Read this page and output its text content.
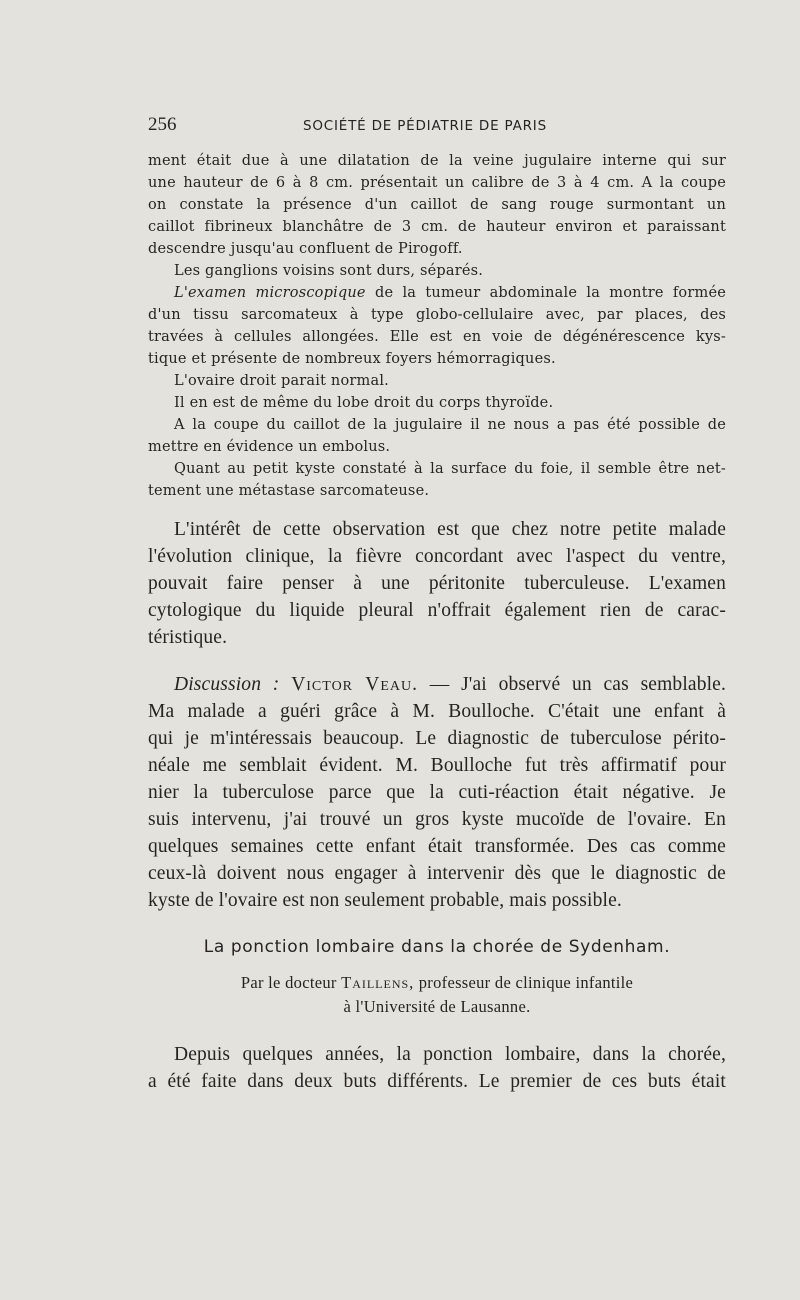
256	SOCIÉTÉ DE PÉDIATRIE DE PARIS
ment était due à une dilatation de la veine jugulaire interne qui sur
une hauteur de 6 à 8 cm. présentait un calibre de 3 à 4 cm. A la coupe
on constate la présence d'un caillot de sang rouge surmontant un
caillot fibrineux blanchâtre de 3 cm. de hauteur environ et paraissant
descendre jusqu'au confluent de Pirogoff.
Les ganglions voisins sont durs, séparés.
L'examen microscopique de la tumeur abdominale la montre formée
d'un tissu sarcomateux à type globo-cellulaire avec, par places, des
travées à cellules allongées. Elle est en voie de dégénérescence kys-
tique et présente de nombreux foyers hémorragiques.
L'ovaire droit parait normal.
Il en est de même du lobe droit du corps thyroïde.
A la coupe du caillot de la jugulaire il ne nous a pas été possible de
mettre en évidence un embolus.
Quant au petit kyste constaté à la surface du foie, il semble être net-
tement une métastase sarcomateuse.
L'intérêt de cette observation est que chez notre petite malade
l'évolution clinique, la fièvre concordant avec l'aspect du ventre,
pouvait faire penser à une péritonite tuberculeuse. L'examen
cytologique du liquide pleural n'offrait également rien de carac-
téristique.
Discussion : Victor Veau. — J'ai observé un cas semblable.
Ma malade a guéri grâce à M. Boulloche. C'était une enfant à
qui je m'intéressais beaucoup. Le diagnostic de tuberculose périto-
néale me semblait évident. M. Boulloche fut très affirmatif pour
nier la tuberculose parce que la cuti-réaction était négative. Je
suis intervenu, j'ai trouvé un gros kyste mucoïde de l'ovaire. En
quelques semaines cette enfant était transformée. Des cas comme
ceux-là doivent nous engager à intervenir dès que le diagnostic de
kyste de l'ovaire est non seulement probable, mais possible.
La ponction lombaire dans la chorée de Sydenham.
Par le docteur Taillens, professeur de clinique infantile
à l'Université de Lausanne.
Depuis quelques années, la ponction lombaire, dans la chorée,
a été faite dans deux buts différents. Le premier de ces buts était
